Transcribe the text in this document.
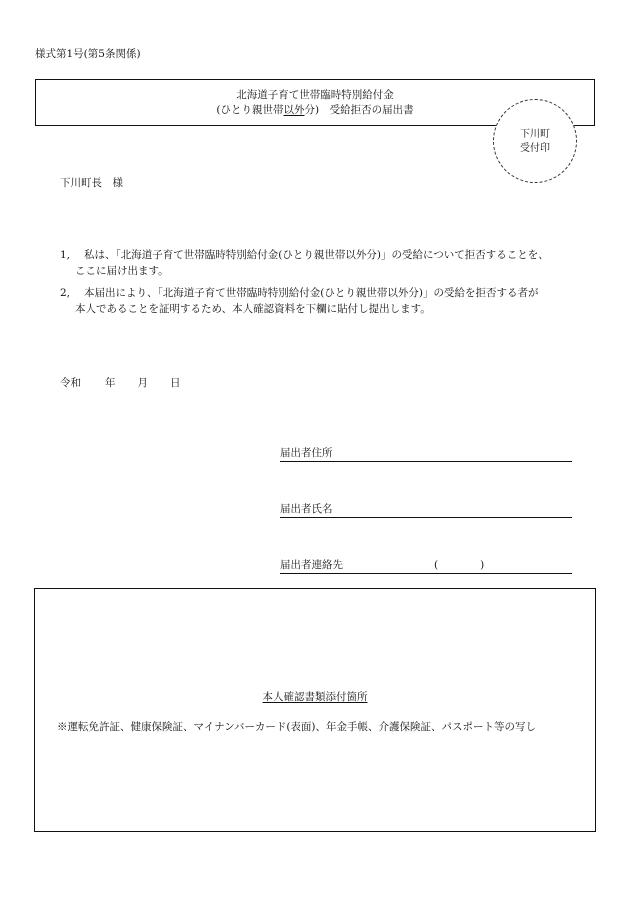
様式第1号(第5条関係)
北海道子育て世帯臨時特別給付金
(ひとり親世帯以外分)　受給拒否の届出書
下川町
受付印
下川町長　様
1, 私は、「北海道子育て世帯臨時特別給付金(ひとり親世帯以外分)」の受給について拒否することを、
ここに届け出ます。
2, 本届出により、「北海道子育て世帯臨時特別給付金(ひとり親世帯以外分)」の受給を拒否する者が
本人であることを証明するため、本人確認資料を下欄に貼付し提出します。
令和 年 月 日
届出者住所
届出者氏名
届出者連絡先	(　　　　)
本人確認書類添付箇所
※運転免許証、健康保険証、マイナンバーカード(表面)、年金手帳、介護保険証、パスポート等の写し
